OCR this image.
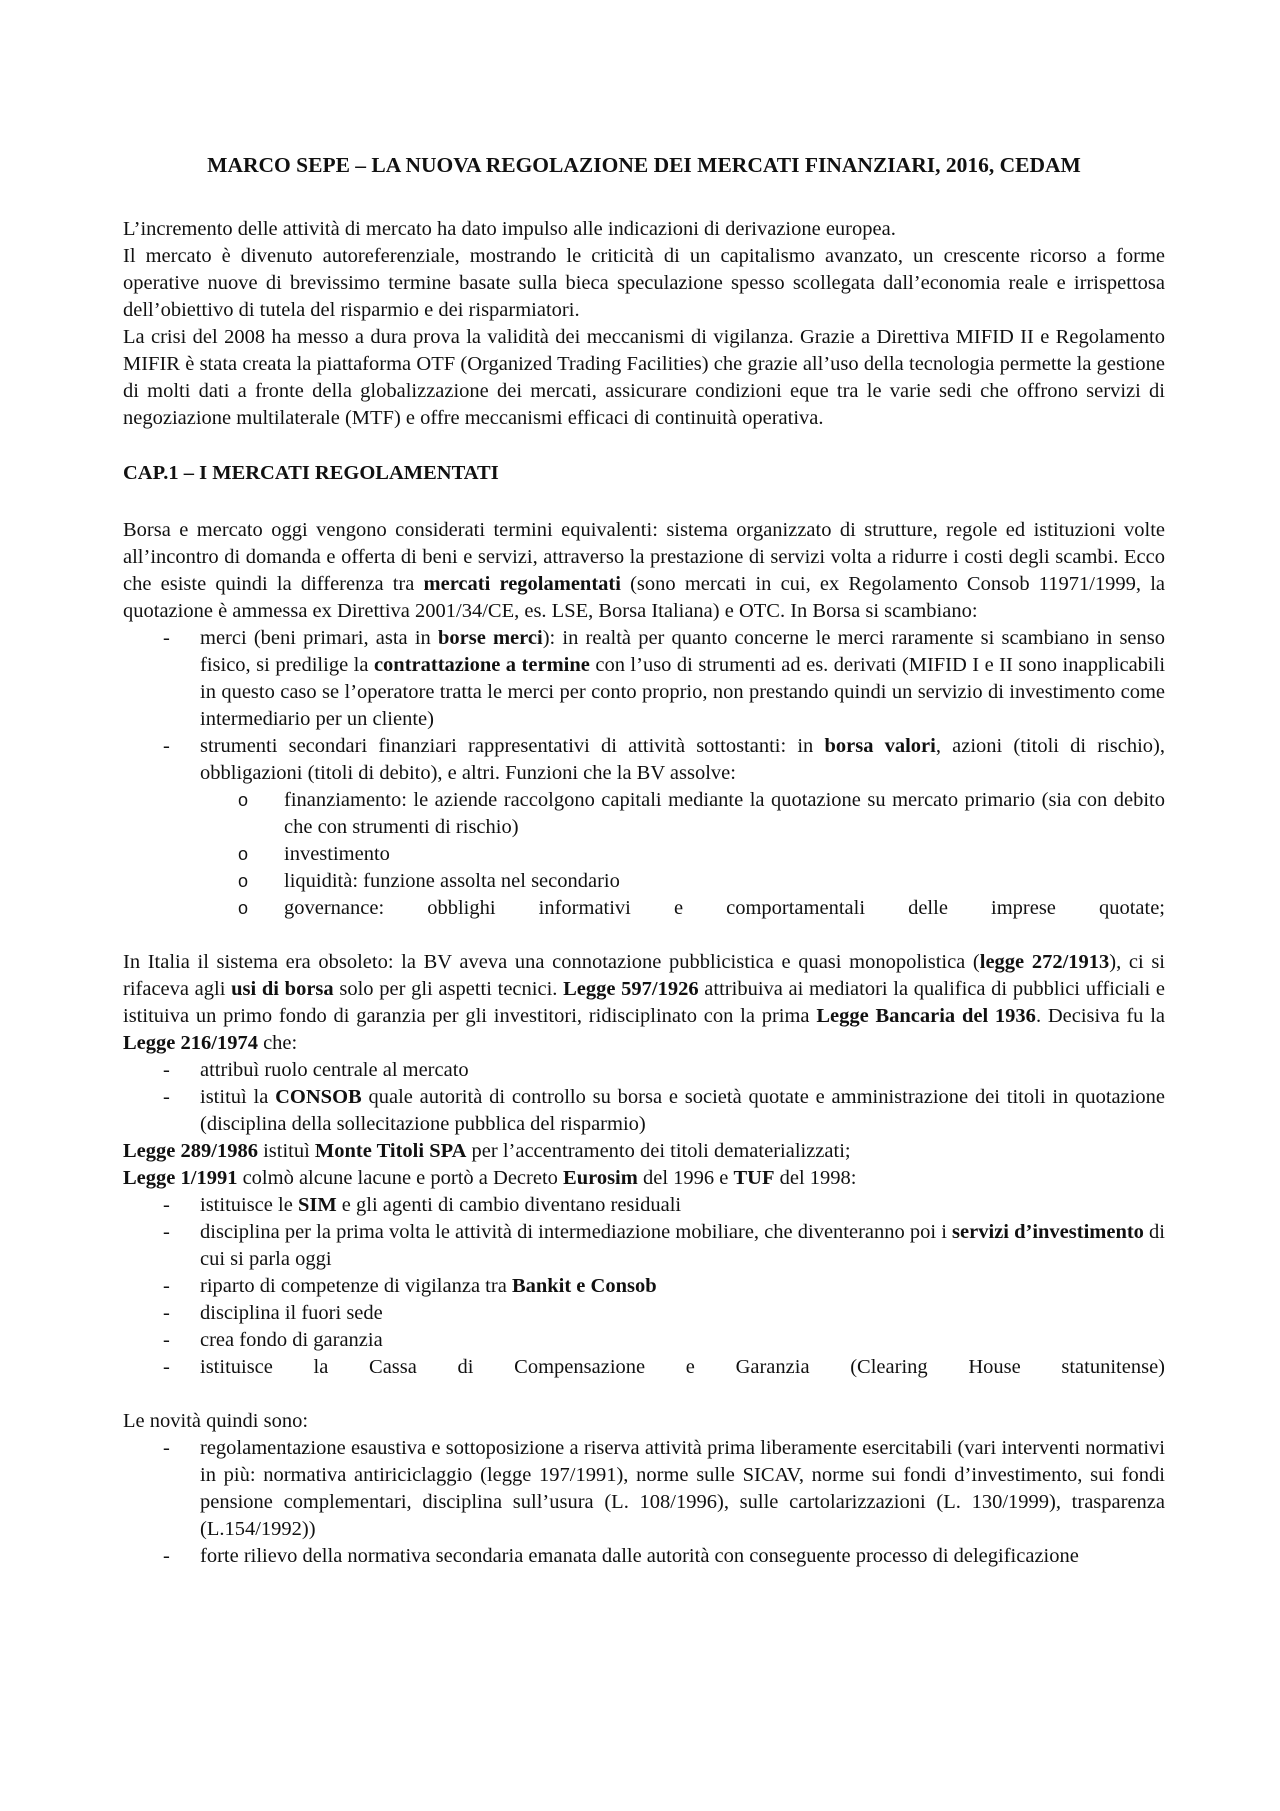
MARCO SEPE – LA NUOVA REGOLAZIONE DEI MERCATI FINANZIARI, 2016, CEDAM

L’incremento delle attività di mercato ha dato impulso alle indicazioni di derivazione europea.

Il mercato è divenuto autoreferenziale, mostrando le criticità di un capitalismo avanzato, un crescente ricorso a forme operative nuove di brevissimo termine basate sulla bieca speculazione spesso scollegata dall’economia reale e irrispettosa dell’obiettivo di tutela del risparmio e dei risparmiatori.

La crisi del 2008 ha messo a dura prova la validità dei meccanismi di vigilanza. Grazie a Direttiva MIFID II e Regolamento MIFIR è stata creata la piattaforma OTF (Organized Trading Facilities) che grazie all’uso della tecnologia permette la gestione di molti dati a fronte della globalizzazione dei mercati, assicurare condizioni eque tra le varie sedi che offrono servizi di negoziazione multilaterale (MTF) e offre meccanismi efficaci di continuità operativa.

CAP.1 – I MERCATI REGOLAMENTATI

Borsa e mercato oggi vengono considerati termini equivalenti: sistema organizzato di strutture, regole ed istituzioni volte all’incontro di domanda e offerta di beni e servizi, attraverso la prestazione di servizi volta a ridurre i costi degli scambi. Ecco che esiste quindi la differenza tra mercati regolamentati (sono mercati in cui, ex Regolamento Consob 11971/1999, la quotazione è ammessa ex Direttiva 2001/34/CE, es. LSE, Borsa Italiana) e OTC. In Borsa si scambiano:

- merci (beni primari, asta in borse merci): in realtà per quanto concerne le merci raramente si scambiano in senso fisico, si predilige la contrattazione a termine con l’uso di strumenti ad es. derivati (MIFID I e II sono inapplicabili in questo caso se l’operatore tratta le merci per conto proprio, non prestando quindi un servizio di investimento come intermediario per un cliente)
- strumenti secondari finanziari rappresentativi di attività sottostanti: in borsa valori, azioni (titoli di rischio), obbligazioni (titoli di debito), e altri. Funzioni che la BV assolve:
o finanziamento: le aziende raccolgono capitali mediante la quotazione su mercato primario (sia con debito che con strumenti di rischio)
o investimento
o liquidità: funzione assolta nel secondario
o governance: obblighi informativi e comportamentali delle imprese quotate;

In Italia il sistema era obsoleto: la BV aveva una connotazione pubblicistica e quasi monopolistica (legge 272/1913), ci si rifaceva agli usi di borsa solo per gli aspetti tecnici. Legge 597/1926 attribuiva ai mediatori la qualifica di pubblici ufficiali e istituiva un primo fondo di garanzia per gli investitori, ridisciplinato con la prima Legge Bancaria del 1936. Decisiva fu la Legge 216/1974 che:

- attribuì ruolo centrale al mercato
- istituì la CONSOB quale autorità di controllo su borsa e società quotate e amministrazione dei titoli in quotazione (disciplina della sollecitazione pubblica del risparmio)

Legge 289/1986 istituì Monte Titoli SPA per l’accentramento dei titoli dematerializzati;

Legge 1/1991 colmò alcune lacune e portò a Decreto Eurosim del 1996 e TUF del 1998:

- istituisce le SIM e gli agenti di cambio diventano residuali
- disciplina per la prima volta le attività di intermediazione mobiliare, che diventeranno poi i servizi d’investimento di cui si parla oggi
- riparto di competenze di vigilanza tra Bankit e Consob
- disciplina il fuori sede
- crea fondo di garanzia
- istituisce la Cassa di Compensazione e Garanzia (Clearing House statunitense)

Le novità quindi sono:

- regolamentazione esaustiva e sottoposizione a riserva attività prima liberamente esercitabili (vari interventi normativi in più: normativa antiriciclaggio (legge 197/1991), norme sulle SICAV, norme sui fondi d’investimento, sui fondi pensione complementari, disciplina sull’usura (L. 108/1996), sulle cartolarizzazioni (L. 130/1999), trasparenza (L.154/1992))
- forte rilievo della normativa secondaria emanata dalle autorità con conseguente processo di delegificazione
